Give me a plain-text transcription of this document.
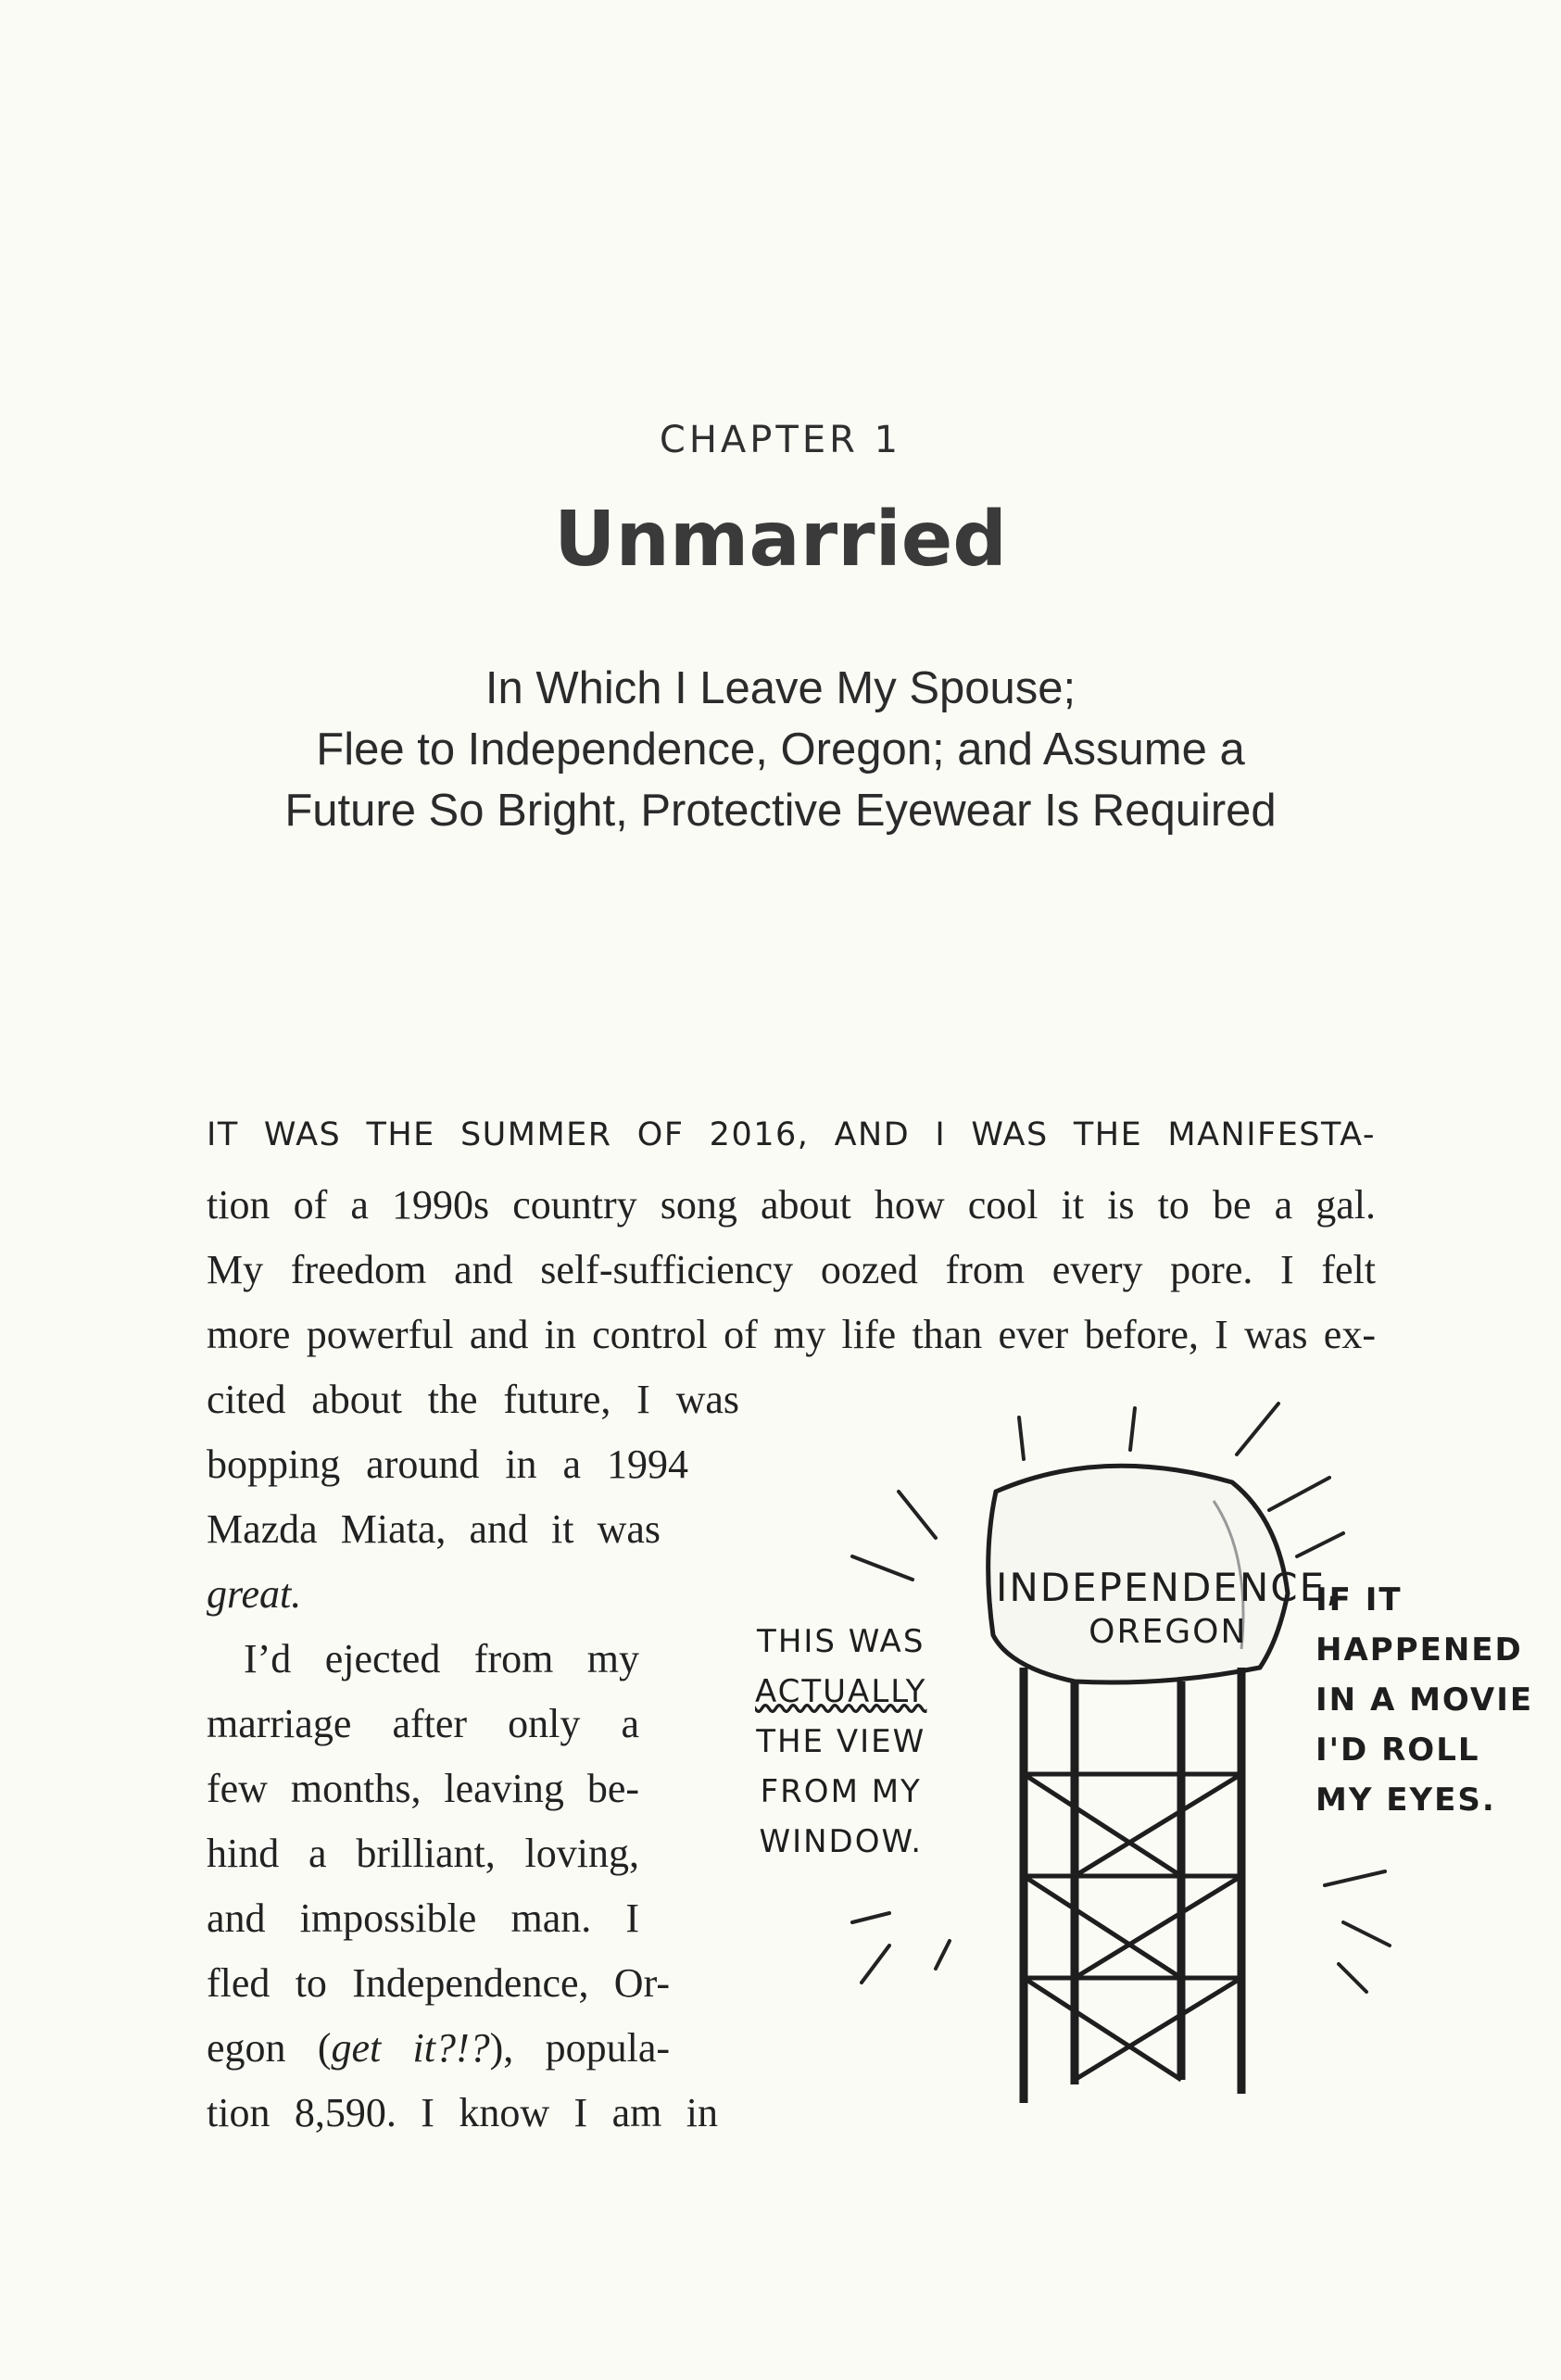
CHAPTER 1
Unmarried
In Which I Leave My Spouse;
Flee to Independence, Oregon; and Assume a
Future So Bright, Protective Eyewear Is Required
IT WAS THE SUMMER OF 2016, AND I WAS THE MANIFESTA-
tion of a 1990s country song about how cool it is to be a gal.
My freedom and self-sufficiency oozed from every pore. I felt
more powerful and in control of my life than ever before, I was ex-
cited about the future, I was
bopping around in a 1994
Mazda Miata, and it was
great.
I’d ejected from my
marriage after only a
few months, leaving be-
hind a brilliant, loving,
and impossible man. I
fled to Independence, Or-
egon (get it?!?), popula-
tion 8,590. I know I am in
INDEPENDENCE,
OREGON
THIS WAS
ACTUALLY
THE VIEW
FROM MY
WINDOW.
IF IT
HAPPENED
IN A MOVIE
I'D ROLL
MY EYES.
